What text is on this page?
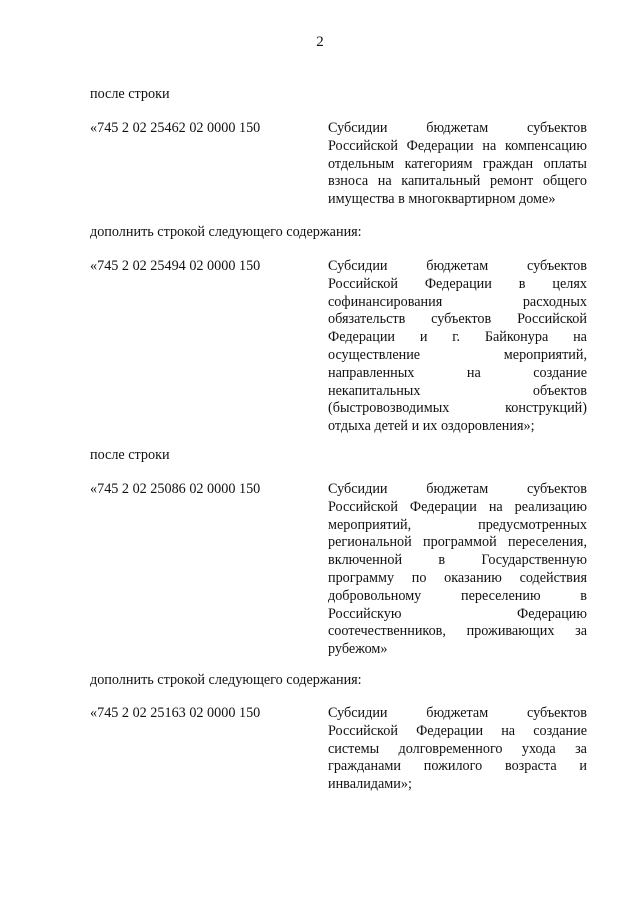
2
после строки
«745 2 02 25462 02 0000 150	Субсидии	бюджетам	субъектов
Российской Федерации на компенсацию
отдельным категориям граждан оплаты
взноса на капитальный ремонт общего
имущества в многоквартирном доме»
дополнить строкой следующего содержания:
«745 2 02 25494 02 0000 150	Субсидии	бюджетам	субъектов
Российской Федерации в целях
софинансирования	расходных
обязательств субъектов Российской
Федерации и г. Байконура на
осуществление	мероприятий,
направленных	на	создание
некапитальных	объектов
(быстровозводимых	конструкций)
отдыха детей и их оздоровления»;
после строки
«745 2 02 25086 02 0000 150	Субсидии	бюджетам	субъектов
Российской Федерации на реализацию
мероприятий,	предусмотренных
региональной программой переселения,
включенной	в	Государственную
программу по оказанию содействия
добровольному	переселению	в
Российскую	Федерацию
соотечественников, проживающих за
рубежом»
дополнить строкой следующего содержания:
«745 2 02 25163 02 0000 150	Субсидии	бюджетам	субъектов
Российской Федерации на создание
системы долговременного ухода за
гражданами пожилого возраста и
инвалидами»;
